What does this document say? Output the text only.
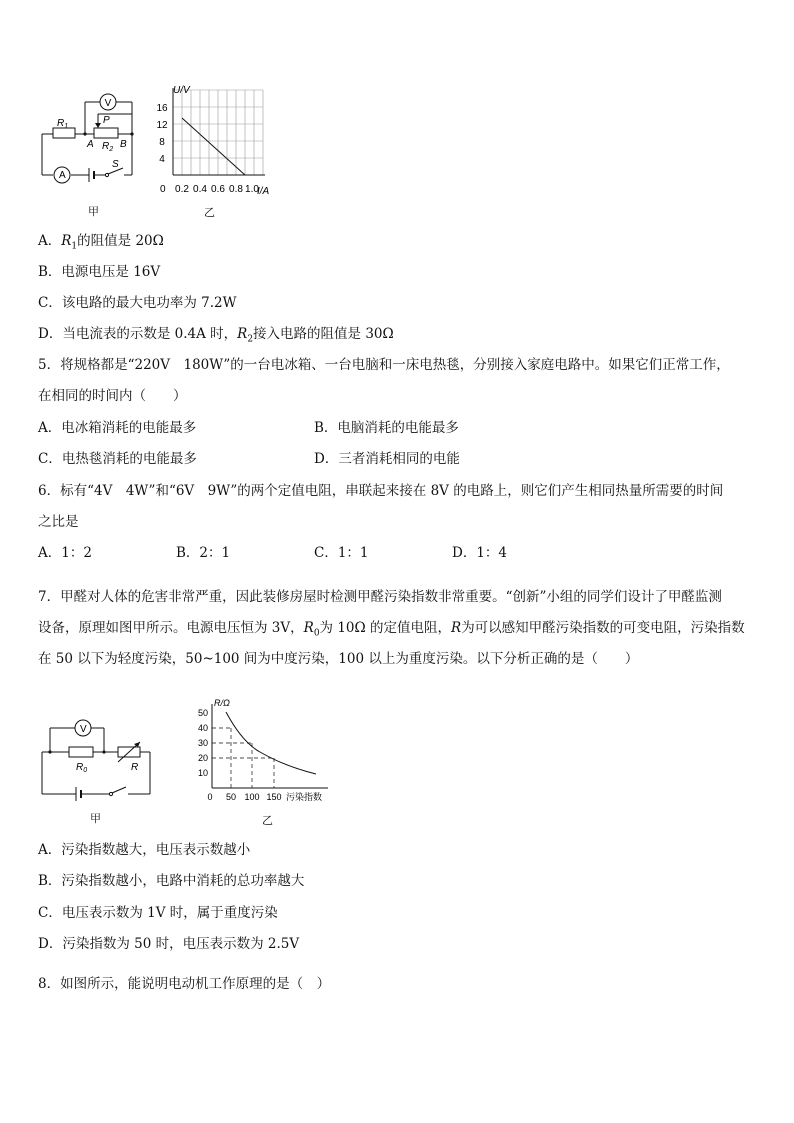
$R_1$
V
P
A $R_2$ B
A
S
甲
U/V
I/A
16
12
8
4
0 0.2 0.4 0.6 0.8 1.0
乙
A．$R_1$的阻值是 20Ω
B．电源电压是 16V
C．该电路的最大电功率为 7.2W
D．当电流表的示数是 0.4A 时，$R_2$接入电路的阻值是 30Ω
5．将规格都是“220V　180W”的一台电冰箱、一台电脑和一床电热毯，分别接入家庭电路中。如果它们正常工作，
在相同的时间内（　　）
A．电冰箱消耗的电能最多	B．电脑消耗的电能最多
C．电热毯消耗的电能最多	D．三者消耗相同的电能
6．标有“4V　4W”和“6V　9W”的两个定值电阻，串联起来接在 8V 的电路上，则它们产生相同热量所需要的时间
之比是
A．1：2	B．2：1	C．1：1	D．1：4
7．甲醛对人体的危害非常严重，因此装修房屋时检测甲醛污染指数非常重要。“创新”小组的同学们设计了甲醛监测
设备，原理如图甲所示。电源电压恒为 3V，$R_0$为 10Ω 的定值电阻，R为可以感知甲醛污染指数的可变电阻，污染指数
在 50 以下为轻度污染，50~100 间为中度污染，100 以上为重度污染。以下分析正确的是（　　）
V
$R_0$	R
甲
R/Ω
污染指数
50
40
30
20
10
0 50 100 150
乙
A．污染指数越大，电压表示数越小
B．污染指数越小，电路中消耗的总功率越大
C．电压表示数为 1V 时，属于重度污染
D．污染指数为 50 时，电压表示数为 2.5V
8．如图所示，能说明电动机工作原理的是（　）
